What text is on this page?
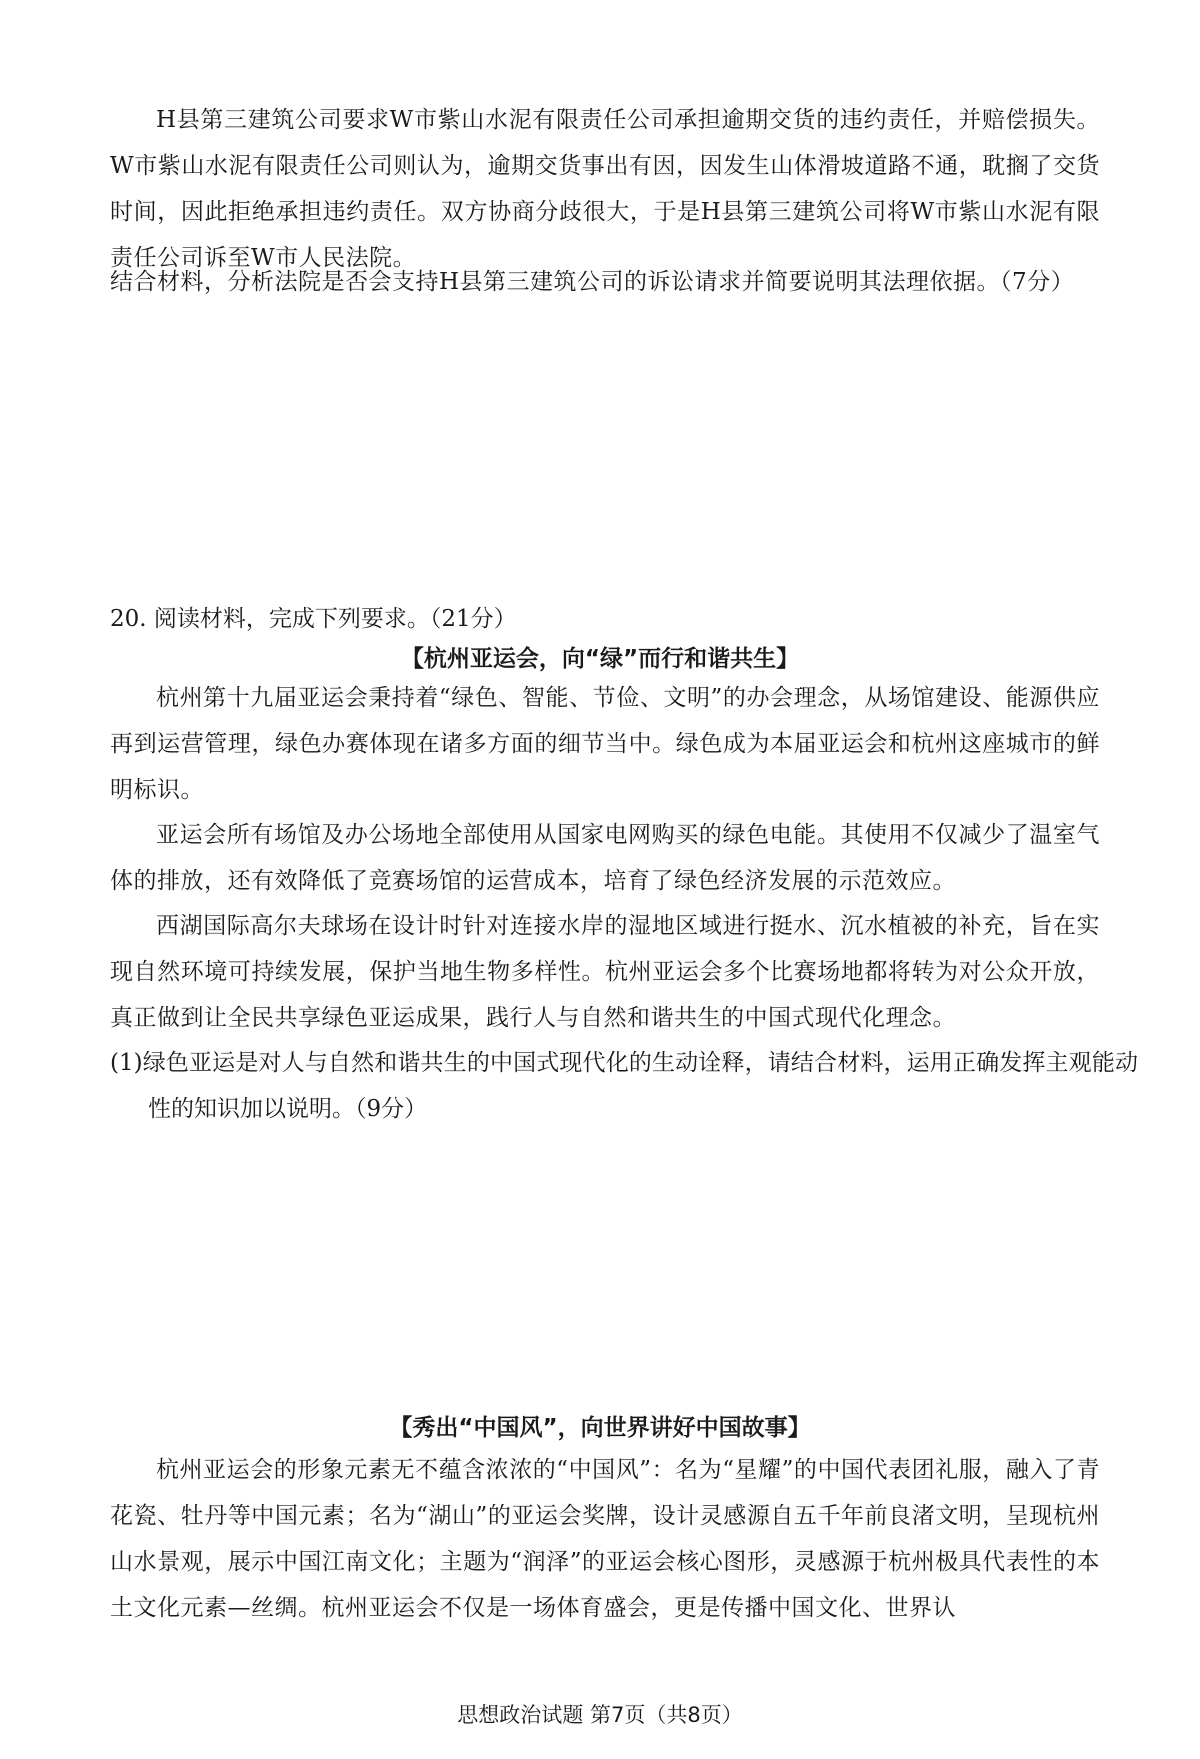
H县第三建筑公司要求W市紫山水泥有限责任公司承担逾期交货的违约责任，并赔偿损失。W市紫山水泥有限责任公司则认为，逾期交货事出有因，因发生山体滑坡道路不通，耽搁了交货时间，因此拒绝承担违约责任。双方协商分歧很大，于是H县第三建筑公司将W市紫山水泥有限责任公司诉至W市人民法院。

结合材料，分析法院是否会支持H县第三建筑公司的诉讼请求并简要说明其法理依据。（7分）

20. 阅读材料，完成下列要求。（21分）

【杭州亚运会，向“绿”而行和谐共生】

杭州第十九届亚运会秉持着“绿色、智能、节俭、文明”的办会理念，从场馆建设、能源供应再到运营管理，绿色办赛体现在诸多方面的细节当中。绿色成为本届亚运会和杭州这座城市的鲜明标识。

亚运会所有场馆及办公场地全部使用从国家电网购买的绿色电能。其使用不仅减少了温室气体的排放，还有效降低了竞赛场馆的运营成本，培育了绿色经济发展的示范效应。

西湖国际高尔夫球场在设计时针对连接水岸的湿地区域进行挺水、沉水植被的补充，旨在实现自然环境可持续发展，保护当地生物多样性。杭州亚运会多个比赛场地都将转为对公众开放，真正做到让全民共享绿色亚运成果，践行人与自然和谐共生的中国式现代化理念。

(1)绿色亚运是对人与自然和谐共生的中国式现代化的生动诠释，请结合材料，运用正确发挥主观能动性的知识加以说明。（9分）

【秀出“中国风”，向世界讲好中国故事】

杭州亚运会的形象元素无不蕴含浓浓的“中国风”：名为“星耀”的中国代表团礼服，融入了青花瓷、牡丹等中国元素；名为“湖山”的亚运会奖牌，设计灵感源自五千年前良渚文明，呈现杭州山水景观，展示中国江南文化；主题为“润泽”的亚运会核心图形，灵感源于杭州极具代表性的本土文化元素—丝绸。杭州亚运会不仅是一场体育盛会，更是传播中国文化、世界认

思想政治试题 第7页（共8页）
